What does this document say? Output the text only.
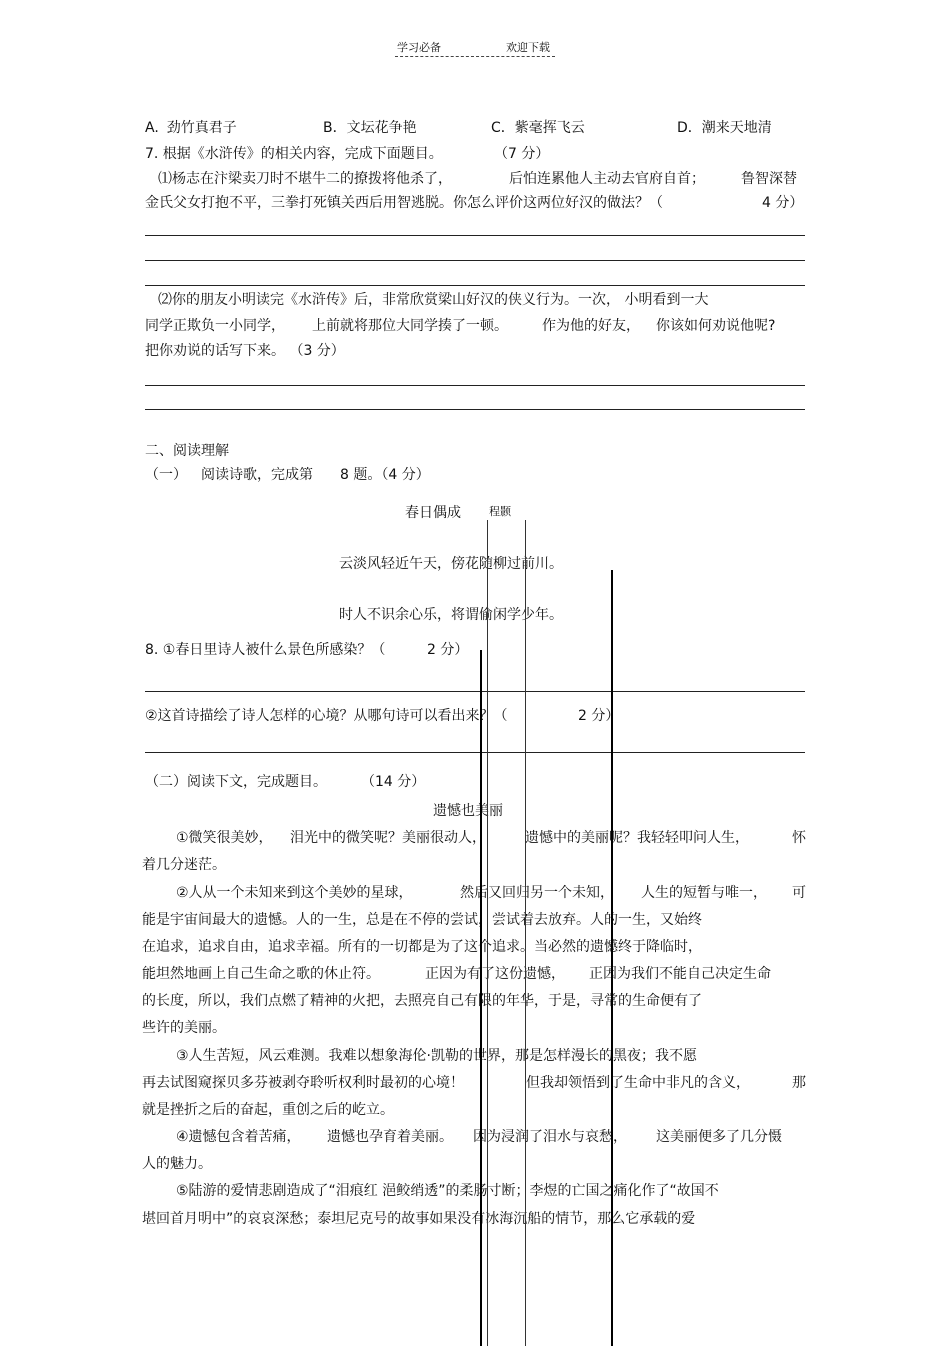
学习必备	欢迎下载
A. 劲竹真君子	B．文坛花争艳	C．紫毫挥飞云	D．潮来天地清
7. 根据《水浒传》的相关内容，完成下面题目。	（7 分）
⑴杨志在汴梁卖刀时不堪牛二的撩拨将他杀了，	后怕连累他人主动去官府自首；	鲁智深替
金氏父女打抱不平，三拳打死镇关西后用智逃脱。你怎么评价这两位好汉的做法？（	4 分）
⑵你的朋友小明读完《水浒传》后，非常欣赏梁山好汉的侠义行为。一次， 小明看到一大
同学正欺负一小同学， 上前就将那位大同学揍了一顿。 作为他的好友， 你该如何劝说他呢?
把你劝说的话写下来。 （3 分）
二、阅读理解
（一） 阅读诗歌，完成第 8 题。（4 分）
春日偶成	程颢
云淡风轻近午天，傍花随柳过前川。
时人不识余心乐，将谓偷闲学少年。
8. ①春日里诗人被什么景色所感染？（	2 分）
②这首诗描绘了诗人怎样的心境？从哪句诗可以看出来？（	2 分）
（二）阅读下文，完成题目。 （14 分）
遗憾也美丽
①微笑很美妙， 泪光中的微笑呢？美丽很动人，	遗憾中的美丽呢？我轻轻叩问人生，	怀
着几分迷茫。
②人从一个未知来到这个美妙的星球，	然后又回归另一个未知， 人生的短暂与唯一， 可
能是宇宙间最大的遗憾。人的一生，总是在不停的尝试，尝试着去放弃。人的一生，又始终
在追求，追求自由，追求幸福。所有的一切都是为了这个追求。当必然的遗憾终于降临时，
能坦然地画上自己生命之歌的休止符。	正因为有了这份遗憾， 正因为我们不能自己决定生命
的长度，所以，我们点燃了精神的火把，去照亮自己有限的年华，于是，寻常的生命便有了
些许的美丽。
③人生苦短，风云难测。我难以想象海伦·凯勒的世界，那是怎样漫长的黑夜；我不愿
再去试图窥探贝多芬被剥夺聆听权利时最初的心境！	但我却领悟到了生命中非凡的含义，	那
就是挫折之后的奋起，重创之后的屹立。
④遗憾包含着苦痛， 遗憾也孕育着美丽。 因为浸润了泪水与哀愁， 这美丽便多了几分慑
人的魅力。
⑤陆游的爱情悲剧造成了“泪痕红 浥鲛绡透”的柔肠寸断；李煜的亡国之痛化作了“故国不
堪回首月明中”的哀哀深愁；泰坦尼克号的故事如果没有冰海沉船的情节，那么它承载的爱
